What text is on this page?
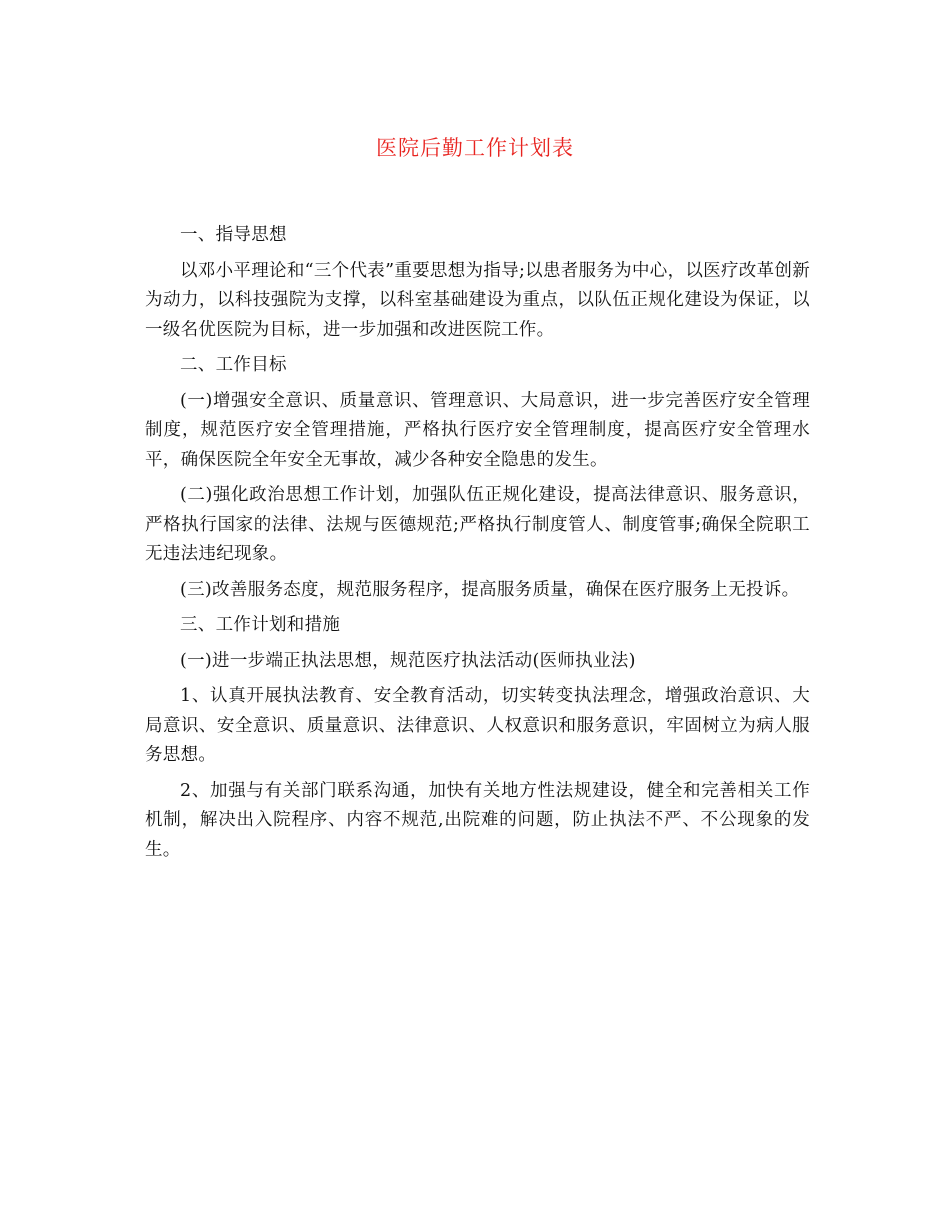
医院后勤工作计划表

一、指导思想

以邓小平理论和“三个代表”重要思想为指导;以患者服务为中心，以医疗改革创新为动力，以科技强院为支撑，以科室基础建设为重点，以队伍正规化建设为保证，以一级名优医院为目标，进一步加强和改进医院工作。

二、工作目标

(一)增强安全意识、质量意识、管理意识、大局意识，进一步完善医疗安全管理制度，规范医疗安全管理措施，严格执行医疗安全管理制度，提高医疗安全管理水平，确保医院全年安全无事故，减少各种安全隐患的发生。

(二)强化政治思想工作计划，加强队伍正规化建设，提高法律意识、服务意识，严格执行国家的法律、法规与医德规范;严格执行制度管人、制度管事;确保全院职工无违法违纪现象。

(三)改善服务态度，规范服务程序，提高服务质量，确保在医疗服务上无投诉。

三、工作计划和措施

(一)进一步端正执法思想，规范医疗执法活动(医师执业法)

1、认真开展执法教育、安全教育活动，切实转变执法理念，增强政治意识、大局意识、安全意识、质量意识、法律意识、人权意识和服务意识，牢固树立为病人服务思想。

2、加强与有关部门联系沟通，加快有关地方性法规建设，健全和完善相关工作机制，解决出入院程序、内容不规范,出院难的问题，防止执法不严、不公现象的发生。
